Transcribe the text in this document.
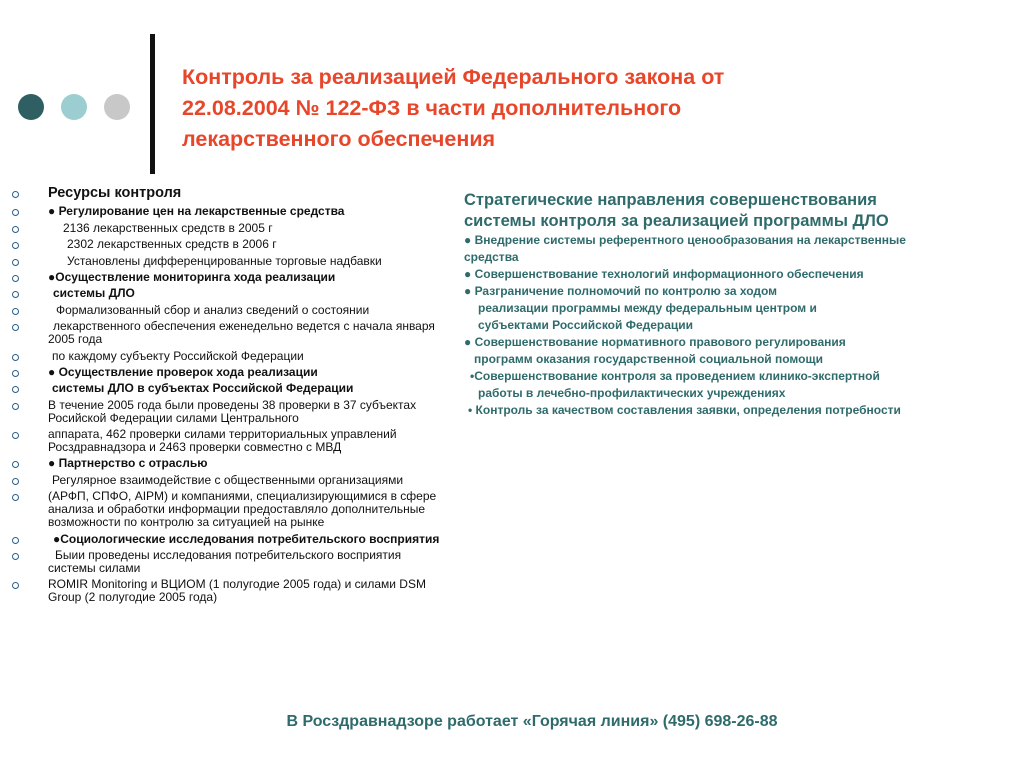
Контроль за реализацией Федерального закона от
22.08.2004 № 122-ФЗ в части дополнительного
лекарственного обеспечения
Ресурсы контроля
● Регулирование цен на лекарственные средства
2136 лекарственных средств в 2005 г
2302 лекарственных средств в 2006 г
Установлены дифференцированные торговые надбавки
●Осуществление мониторинга хода реализации
системы ДЛО
Формализованный сбор и анализ сведений о состоянии
лекарственного обеспечения еженедельно ведется с начала января 2005 года
по каждому субъекту Российской Федерации
● Осуществление проверок хода реализации
системы ДЛО в субъектах Российской Федерации
В течение 2005 года были проведены 38 проверки в 37 субъектах Росийской Федерации силами Центрального
аппарата, 462 проверки силами территориальных управлений Росздравнадзора и 2463 проверки совместно с МВД
● Партнерство с отраслью
Регулярное взаимодействие с общественными организациями
(АРФП, СПФО, AIPM) и компаниями, специализирующимися в сфере анализа и обработки информации предоставляло дополнительные возможности по контролю за ситуацией на рынке
●Социологические исследования потребительского восприятия
Быии проведены исследования потребительского восприятия системы силами
ROMIR Monitoring и ВЦИОМ (1 полугодие 2005 года) и силами DSM Group (2 полугодие 2005 года)
Стратегические направления совершенствования
системы контроля за реализацией программы ДЛО
● Внедрение системы референтного ценообразования на лекарственные
средства
● Совершенствование технологий информационного обеспечения
● Разграничение полномочий по контролю за ходом
реализации программы между федеральным центром и
субъектами Российской Федерации
● Совершенствование нормативного правового регулирования
программ оказания государственной социальной помощи
•Совершенствование контроля за проведением клинико-экспертной
работы в лечебно-профилактических учреждениях
• Контроль за качеством составления заявки, определения потребности
В Росздравнадзоре работает «Горячая линия» (495) 698-26-88
